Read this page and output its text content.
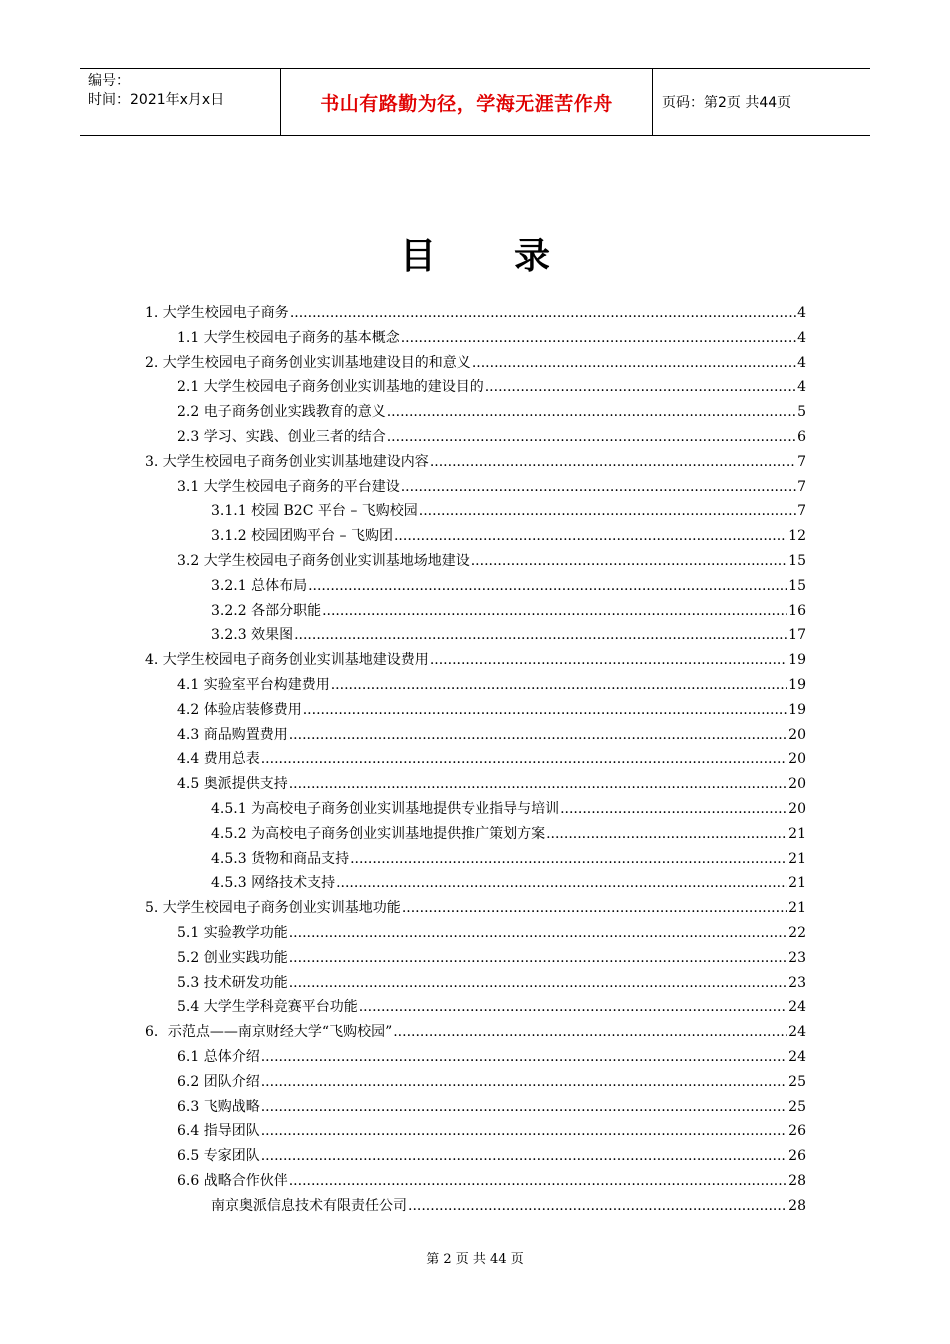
编号：
时间：2021年x月x日	书山有路勤为径，学海无涯苦作舟	页码：第2页 共44页
目 录
1. 大学生校园电子商务 .....	4
1.1 大学生校园电子商务的基本概念 .....	4
2. 大学生校园电子商务创业实训基地建设目的和意义 .....	4
2.1 大学生校园电子商务创业实训基地的建设目的 .....	4
2.2 电子商务创业实践教育的意义 .....	5
2.3 学习、实践、创业三者的结合 .....	6
3. 大学生校园电子商务创业实训基地建设内容 .....	7
3.1 大学生校园电子商务的平台建设 .....	7
3.1.1 校园 B2C 平台 – 飞购校园 .....	7
3.1.2 校园团购平台 – 飞购团 .....	12
3.2 大学生校园电子商务创业实训基地场地建设 .....	15
3.2.1 总体布局 .....	15
3.2.2 各部分职能 .....	16
3.2.3 效果图 .....	17
4. 大学生校园电子商务创业实训基地建设费用 .....	19
4.1 实验室平台构建费用 .....	19
4.2 体验店装修费用 .....	19
4.3 商品购置费用 .....	20
4.4 费用总表 .....	20
4.5 奥派提供支持 .....	20
4.5.1 为高校电子商务创业实训基地提供专业指导与培训 .....	20
4.5.2 为高校电子商务创业实训基地提供推广策划方案 .....	21
4.5.3 货物和商品支持 .....	21
4.5.3 网络技术支持 .....	21
5. 大学生校园电子商务创业实训基地功能 .....	21
5.1 实验教学功能 .....	22
5.2 创业实践功能 .....	23
5.3 技术研发功能 .....	23
5.4 大学生学科竞赛平台功能 .....	24
6．示范点——南京财经大学“飞购校园” .....	24
6.1 总体介绍 .....	24
6.2 团队介绍 .....	25
6.3 飞购战略 .....	25
6.4 指导团队 .....	26
6.5 专家团队 .....	26
6.6 战略合作伙伴 .....	28
南京奥派信息技术有限责任公司 .....	28
第 2 页 共 44 页
